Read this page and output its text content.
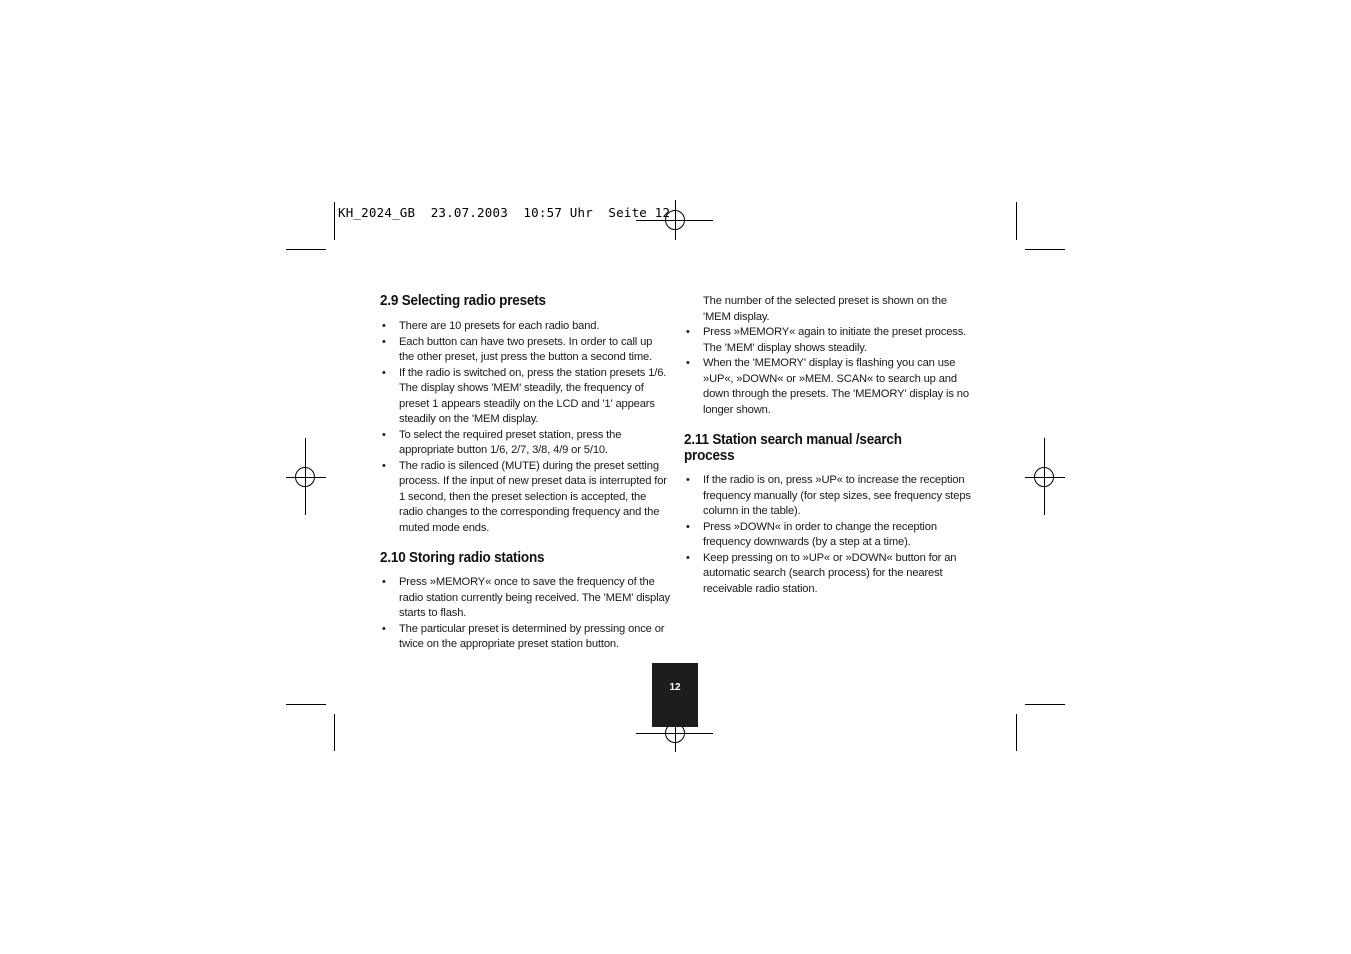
KH_2024_GB  23.07.2003  10:57 Uhr  Seite 12
2.9 Selecting radio presets
• There are 10 presets for each radio band.
• Each button can have two presets. In order to call up the other preset, just press the button a second time.
• If the radio is switched on, press the station presets 1/6. The display shows 'MEM' steadily, the frequency of preset 1 appears steadily on the LCD and '1' appears steadily on the 'MEM display.
• To select the required preset station, press the appropriate button 1/6, 2/7, 3/8, 4/9 or 5/10.
• The radio is silenced (MUTE) during the preset setting process. If the input of new preset data is interrupted for 1 second, then the preset selection is accepted, the radio changes to the corresponding frequency and the muted mode ends.
2.10 Storing radio stations
• Press »MEMORY« once to save the frequency of the radio station currently being received. The 'MEM' display starts to flash.
• The particular preset is determined by pressing once or twice on the appropriate preset station button.
The number of the selected preset is shown on the 'MEM display.
• Press »MEMORY« again to initiate the preset process. The 'MEM' display shows steadily.
• When the 'MEMORY' display is flashing you can use »UP«, »DOWN« or »MEM. SCAN« to search up and down through the presets. The 'MEMORY' display is no longer shown.
2.11 Station search manual /search process
• If the radio is on, press »UP« to increase the reception frequency manually (for step sizes, see frequency steps column in the table).
• Press »DOWN« in order to change the reception frequency downwards (by a step at a time).
• Keep pressing on to »UP« or »DOWN« button for an automatic search (search process) for the nearest receivable radio station.
12
